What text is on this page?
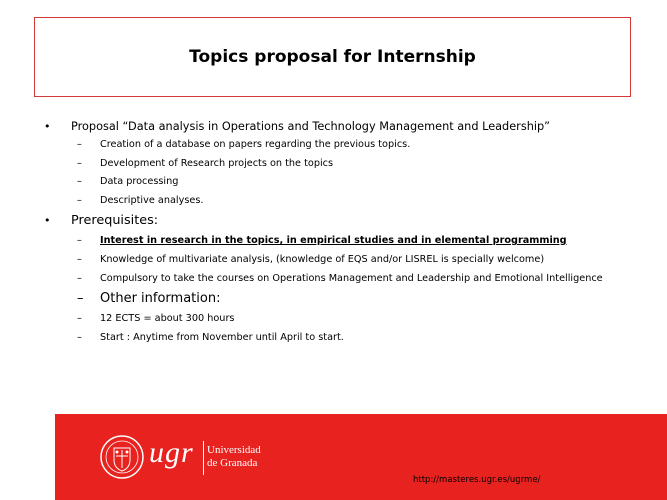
Topics proposal for Internship
• Proposal “Data analysis in Operations and Technology Management and Leadership”
– Creation of a database on papers regarding the previous topics.
– Development of Research projects on the topics
– Data processing
– Descriptive analyses.
• Prerequisites:
– Interest in research in the topics, in empirical studies and in elemental programming
– Knowledge of multivariate analysis, (knowledge of EQS and/or LISREL is specially welcome)
– Compulsory to take the courses on Operations Management and Leadership and Emotional Intelligence
– Other information:
– 12 ECTS = about 300 hours
– Start : Anytime from November until April to start.
ugr Universidad
de Granada
http://masteres.ugr.es/ugrme/
